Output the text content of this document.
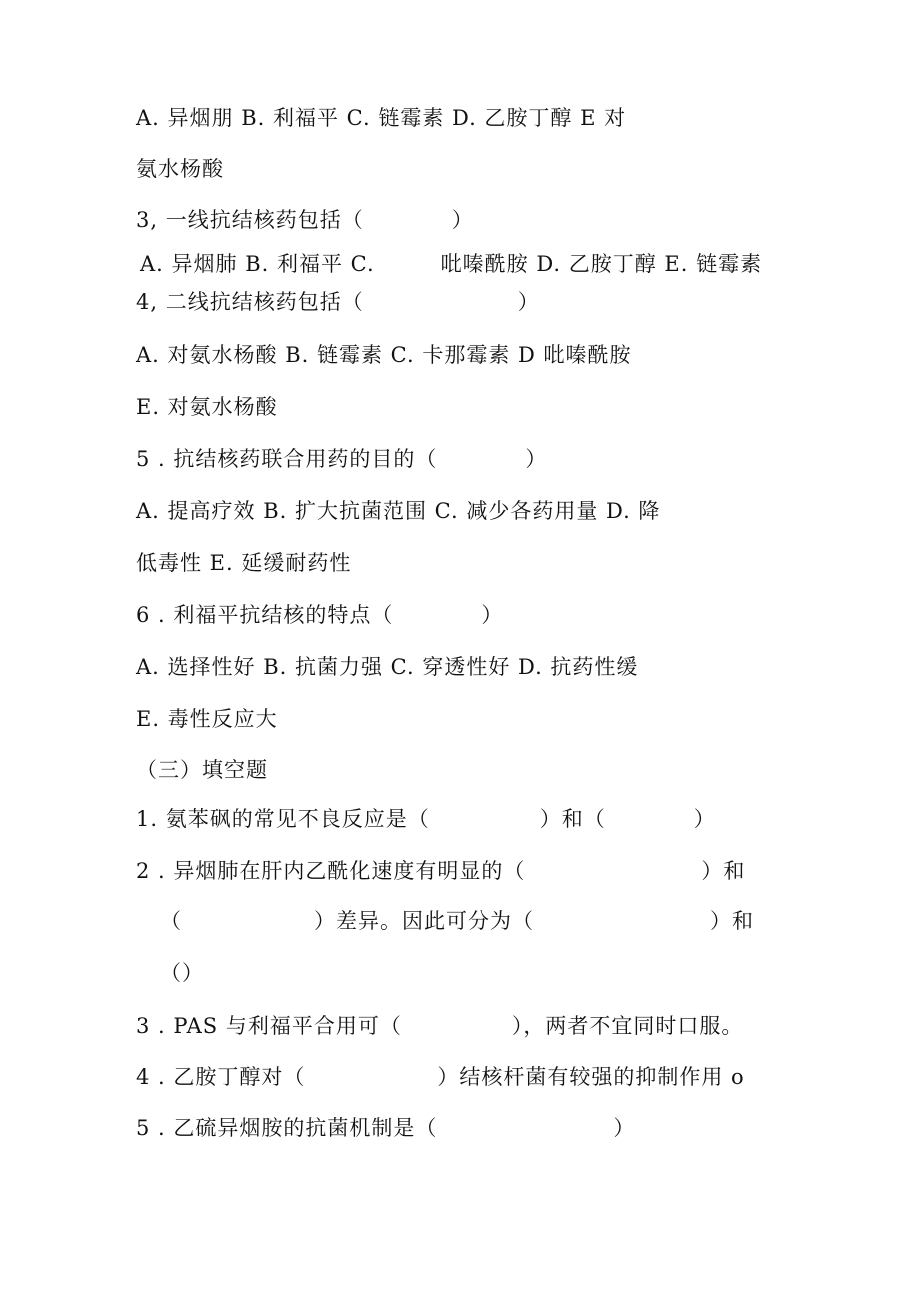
A. 异烟朋 B. 利福平 C. 链霉素 D. 乙胺丁醇 E 对
氨水杨酸
3, 一线抗结核药包括（　　　　）
A. 异烟肺 B. 利福平 C.　　　吡嗪酰胺 D. 乙胺丁醇 E. 链霉素
4, 二线抗结核药包括（　　　　　　　）
A. 对氨水杨酸 B. 链霉素 C. 卡那霉素 D 吡嗪酰胺
E. 对氨水杨酸
5 . 抗结核药联合用药的目的（　　　　）
A. 提高疗效 B. 扩大抗菌范围 C. 减少各药用量 D. 降
低毒性 E. 延缓耐药性
6 . 利福平抗结核的特点（　　　　）
A. 选择性好 B. 抗菌力强 C. 穿透性好 D. 抗药性缓
E. 毒性反应大
（三）填空题
1. 氨苯砜的常见不良反应是（　　　　　）和（　　　　）
2 . 异烟肺在肝内乙酰化速度有明显的（　　　　　　　　）和
（　　　　　　）差异。因此可分为（　　　　　　　　）和
（）
3 . PAS 与利福平合用可（　　　　　），两者不宜同时口服。
4 . 乙胺丁醇对（　　　　　　）结核杆菌有较强的抑制作用 o
5 . 乙硫异烟胺的抗菌机制是（　　　　　　　　）
